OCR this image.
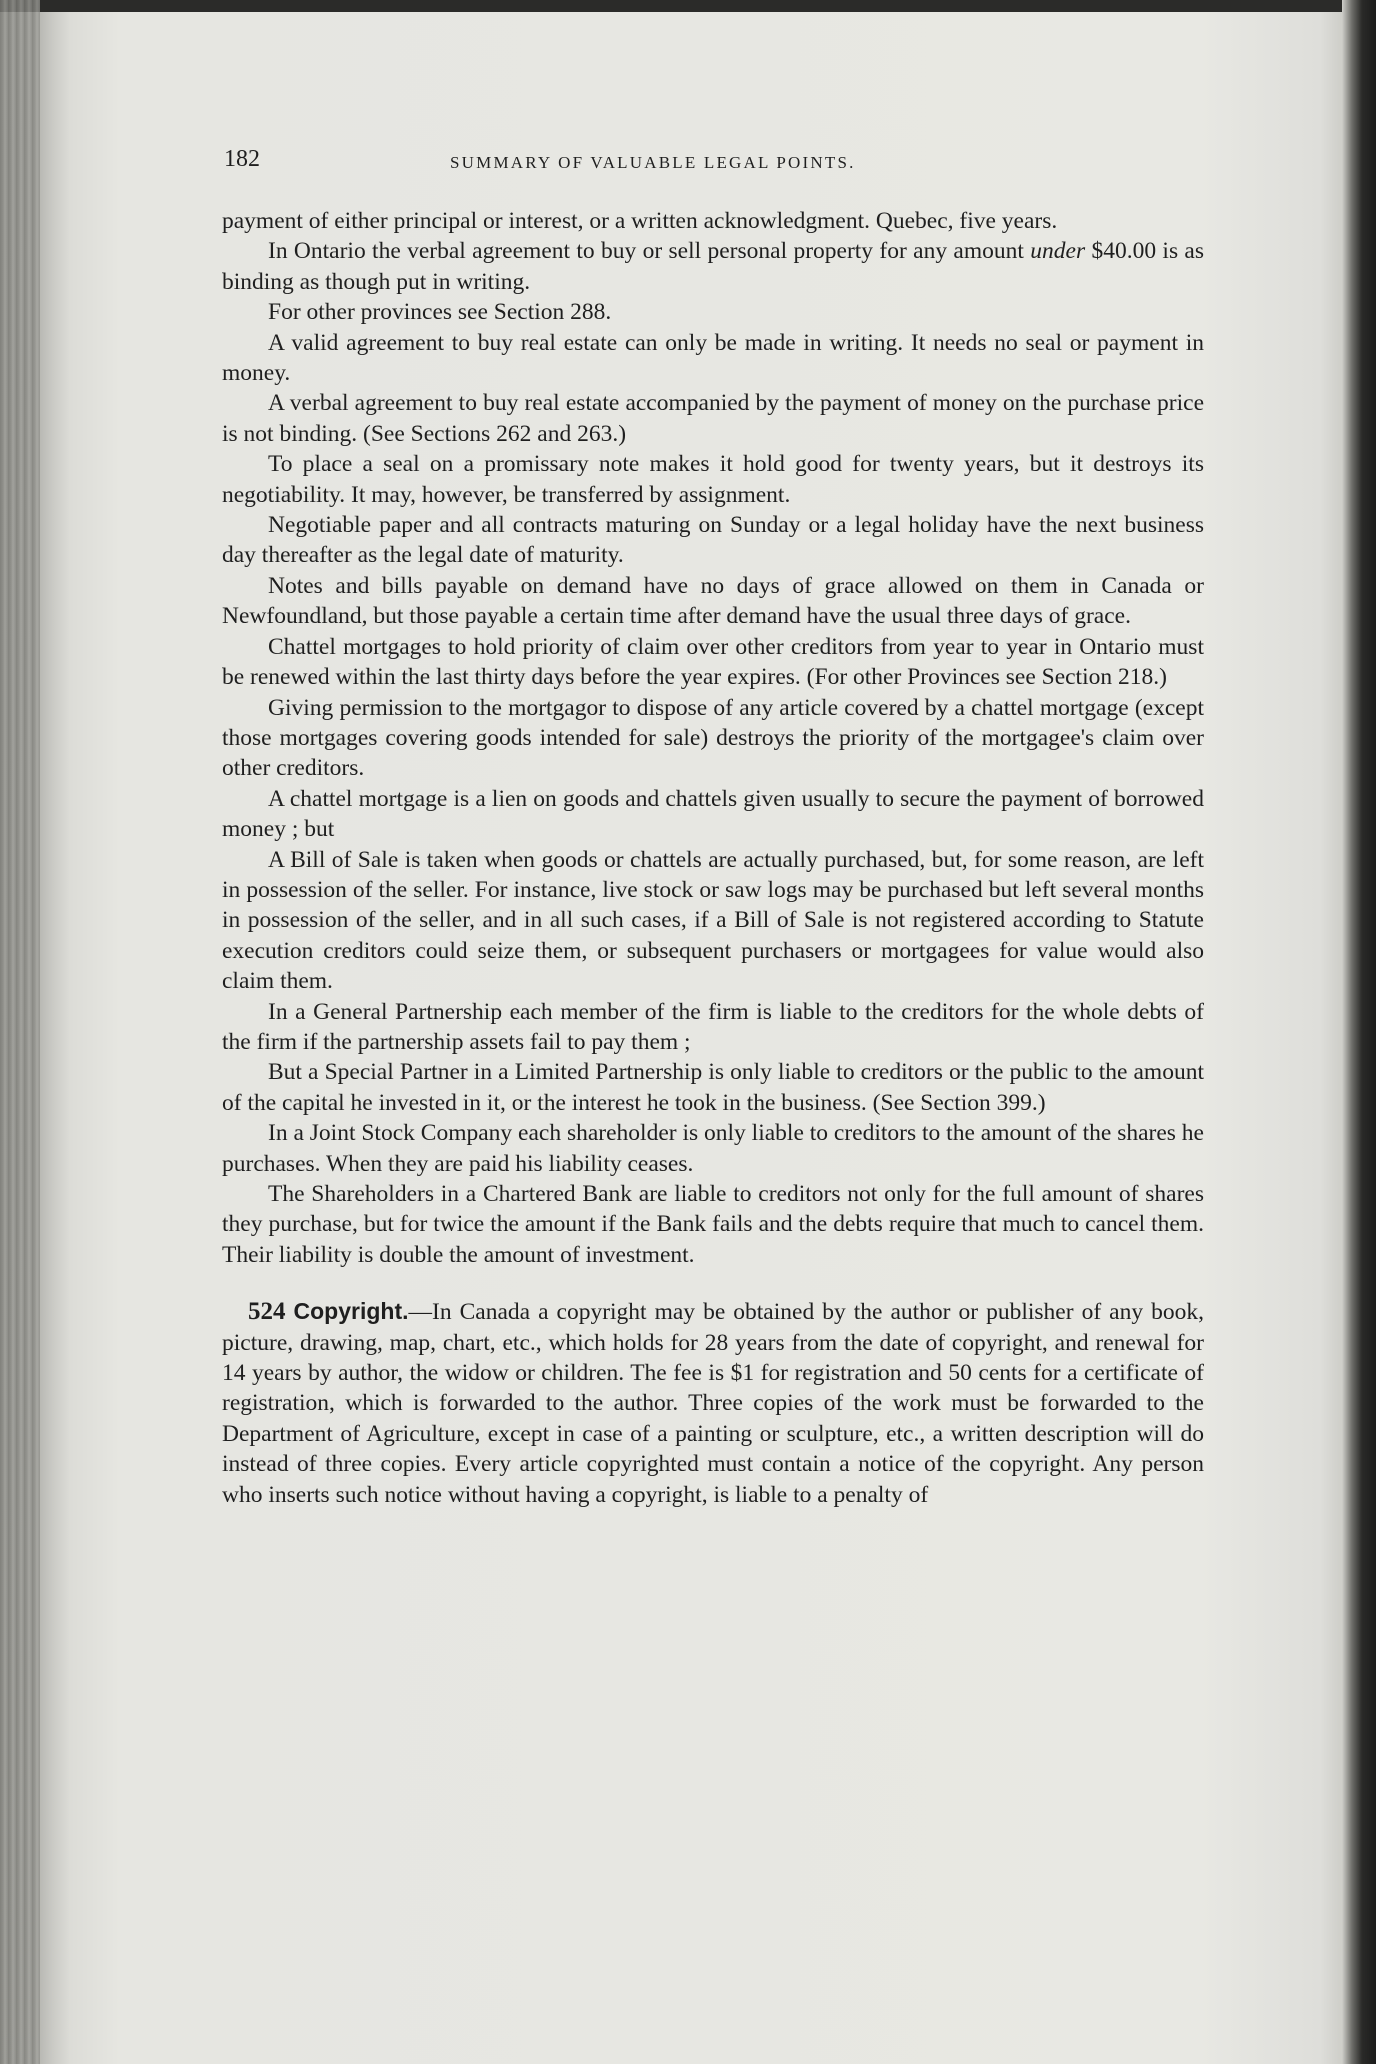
182	SUMMARY OF VALUABLE LEGAL POINTS.

payment of either principal or interest, or a written acknowledgment. Quebec, five years.

In Ontario the verbal agreement to buy or sell personal property for any amount under $40.00 is as binding as though put in writing.

For other provinces see Section 288.

A valid agreement to buy real estate can only be made in writing. It needs no seal or payment in money.

A verbal agreement to buy real estate accompanied by the payment of money on the purchase price is not binding. (See Sections 262 and 263.)

To place a seal on a promissary note makes it hold good for twenty years, but it destroys its negotiability. It may, however, be transferred by assignment.

Negotiable paper and all contracts maturing on Sunday or a legal holiday have the next business day thereafter as the legal date of maturity.

Notes and bills payable on demand have no days of grace allowed on them in Canada or Newfoundland, but those payable a certain time after demand have the usual three days of grace.

Chattel mortgages to hold priority of claim over other creditors from year to year in Ontario must be renewed within the last thirty days before the year expires. (For other Provinces see Section 218.)

Giving permission to the mortgagor to dispose of any article covered by a chattel mortgage (except those mortgages covering goods intended for sale) destroys the priority of the mortgagee's claim over other creditors.

A chattel mortgage is a lien on goods and chattels given usually to secure the payment of borrowed money ; but

A Bill of Sale is taken when goods or chattels are actually purchased, but, for some reason, are left in possession of the seller. For instance, live stock or saw logs may be purchased but left several months in possession of the seller, and in all such cases, if a Bill of Sale is not registered according to Statute execution creditors could seize them, or subsequent purchasers or mortgagees for value would also claim them.

In a General Partnership each member of the firm is liable to the creditors for the whole debts of the firm if the partnership assets fail to pay them ;

But a Special Partner in a Limited Partnership is only liable to creditors or the public to the amount of the capital he invested in it, or the interest he took in the business. (See Section 399.)

In a Joint Stock Company each shareholder is only liable to creditors to the amount of the shares he purchases. When they are paid his liability ceases.

The Shareholders in a Chartered Bank are liable to creditors not only for the full amount of shares they purchase, but for twice the amount if the Bank fails and the debts require that much to cancel them. Their liability is double the amount of investment.

524 Copyright.—In Canada a copyright may be obtained by the author or publisher of any book, picture, drawing, map, chart, etc., which holds for 28 years from the date of copyright, and renewal for 14 years by author, the widow or children. The fee is $1 for registration and 50 cents for a certificate of registration, which is forwarded to the author. Three copies of the work must be forwarded to the Department of Agriculture, except in case of a painting or sculpture, etc., a written description will do instead of three copies. Every article copyrighted must contain a notice of the copyright. Any person who inserts such notice without having a copyright, is liable to a penalty of
